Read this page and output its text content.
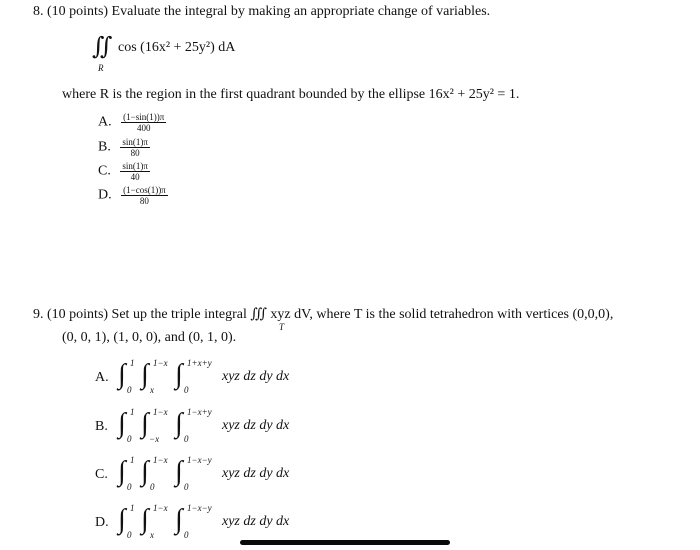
8. (10 points) Evaluate the integral by making an appropriate change of variables.
∬ cos (16x² + 25y²) dA
R
where R is the region in the first quadrant bounded by the ellipse 16x² + 25y² = 1.
A. $\frac{(1-\sin(1))\pi}{400}$
B. $\frac{\sin(1)\pi}{80}$
C. $\frac{\sin(1)\pi}{40}$
D. $\frac{(1-\cos(1))\pi}{80}$
9. (10 points) Set up the triple integral ∭ xyz dV, where T is the solid tetrahedron with vertices (0,0,0),
T
(0, 0, 1), (1, 0, 0), and (0, 1, 0).
A. ∫ 1
0 ∫ 1−x
x ∫ 1+x+y
0
xyz dz dy dx
B. ∫ 1
0 ∫ 1−x
−x ∫ 1−x+y
0
xyz dz dy dx
C. ∫ 1
0 ∫ 1−x
0 ∫ 1−x−y
0
xyz dz dy dx
D. ∫ 1
0 ∫ 1−x
x ∫ 1−x−y
0
xyz dz dy dx
